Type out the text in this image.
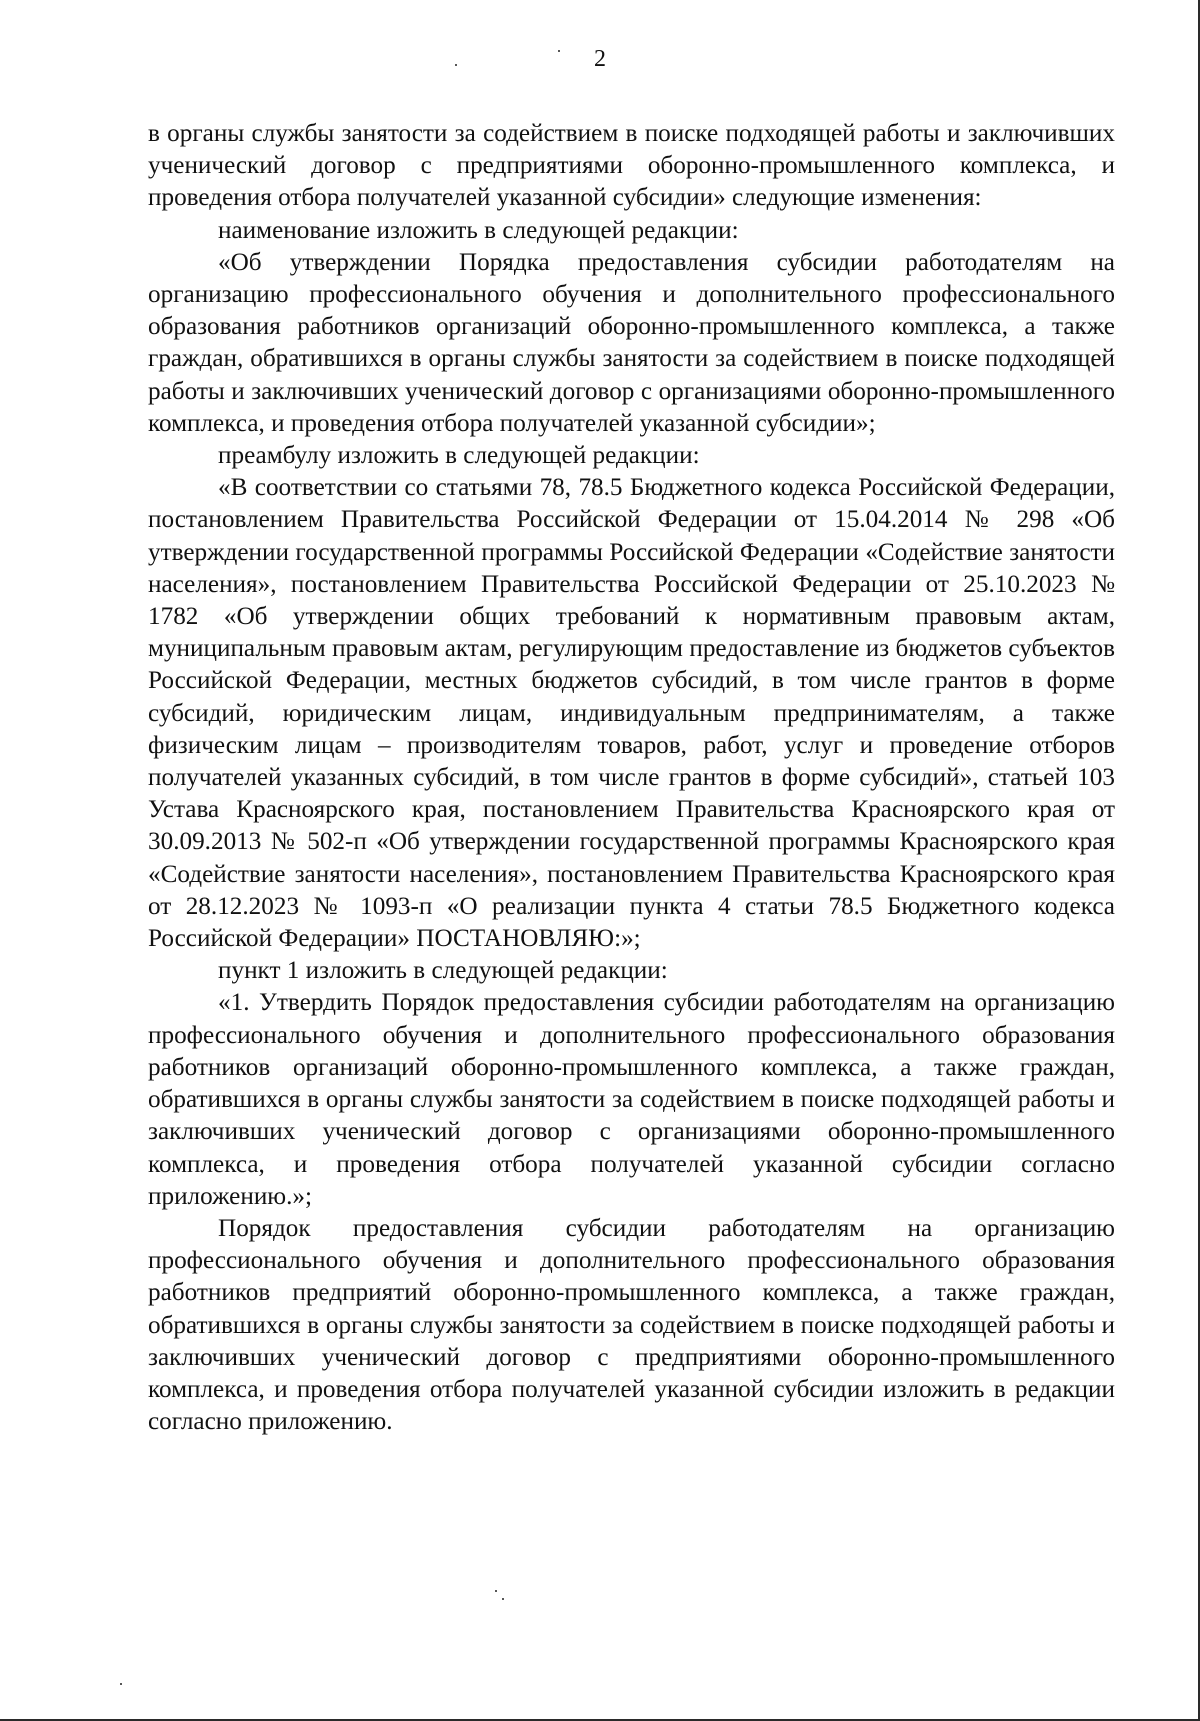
2

в органы службы занятости за содействием в поиске подходящей работы и заключивших ученический договор с предприятиями оборонно-промышленного комплекса, и проведения отбора получателей указанной субсидии» следующие изменения:

наименование изложить в следующей редакции:

«Об утверждении Порядка предоставления субсидии работодателям на организацию профессионального обучения и дополнительного профессионального образования работников организаций оборонно-промышленного комплекса, а также граждан, обратившихся в органы службы занятости за содействием в поиске подходящей работы и заключивших ученический договор с организациями оборонно-промышленного комплекса, и проведения отбора получателей указанной субсидии»;

преамбулу изложить в следующей редакции:

«В соответствии со статьями 78, 78.5 Бюджетного кодекса Российской Федерации, постановлением Правительства Российской Федерации от 15.04.2014 № 298 «Об утверждении государственной программы Российской Федерации «Содействие занятости населения», постановлением Правительства Российской Федерации от 25.10.2023 № 1782 «Об утверждении общих требований к нормативным правовым актам, муниципальным правовым актам, регулирующим предоставление из бюджетов субъектов Российской Федерации, местных бюджетов субсидий, в том числе грантов в форме субсидий, юридическим лицам, индивидуальным предпринимателям, а также физическим лицам – производителям товаров, работ, услуг и проведение отборов получателей указанных субсидий, в том числе грантов в форме субсидий», статьей 103 Устава Красноярского края, постановлением Правительства Красноярского края от 30.09.2013 № 502-п «Об утверждении государственной программы Красноярского края «Содействие занятости населения», постановлением Правительства Красноярского края от 28.12.2023 № 1093-п «О реализации пункта 4 статьи 78.5 Бюджетного кодекса Российской Федерации» ПОСТАНОВЛЯЮ:»;

пункт 1 изложить в следующей редакции:

«1. Утвердить Порядок предоставления субсидии работодателям на организацию профессионального обучения и дополнительного профессионального образования работников организаций оборонно-промышленного комплекса, а также граждан, обратившихся в органы службы занятости за содействием в поиске подходящей работы и заключивших ученический договор с организациями оборонно-промышленного комплекса, и проведения отбора получателей указанной субсидии согласно приложению.»;

Порядок предоставления субсидии работодателям на организацию профессионального обучения и дополнительного профессионального образования работников предприятий оборонно-промышленного комплекса, а также граждан, обратившихся в органы службы занятости за содействием в поиске подходящей работы и заключивших ученический договор с предприятиями оборонно-промышленного комплекса, и проведения отбора получателей указанной субсидии изложить в редакции согласно приложению.
